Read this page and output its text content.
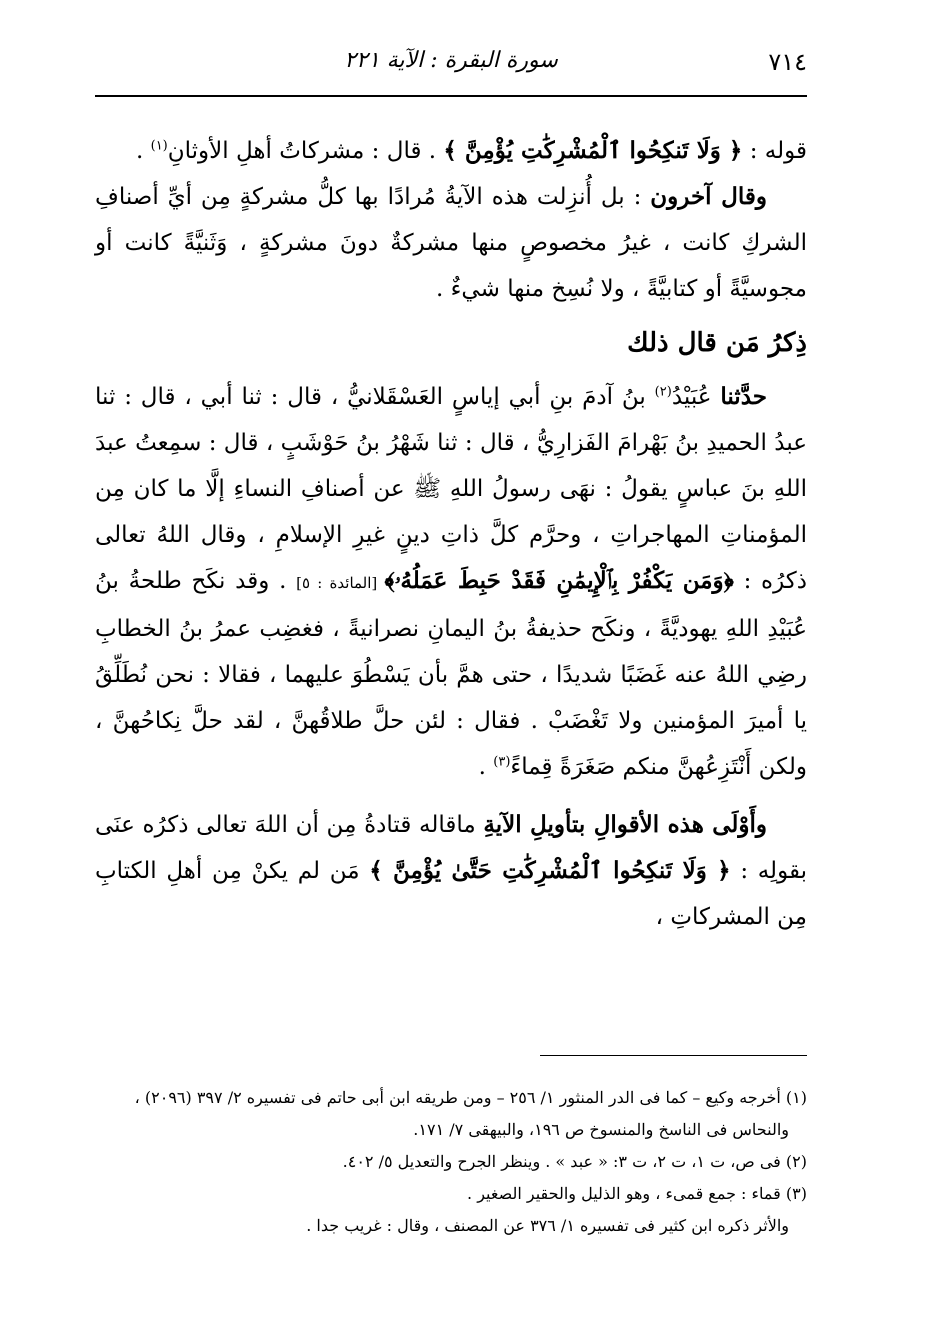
٧١٤
سورة البقرة : الآية ٢٢١

قوله : ﴿ وَلَا تَنكِحُوا ٱلْمُشْرِكَٰتِ يُؤْمِنَّ ﴾ . قال : مشركاتُ أهلِ الأوثانِ$^{(١)}$ .

وقال آخرون : بل أُنزِلت هذه الآيةُ مُرادًا بها كلُّ مشركةٍ مِن أيِّ أصنافِ الشركِ كانت ، غيرُ مخصوصٍ منها مشركةٌ دونَ مشركةٍ ، وَثَنيَّةً كانت أو مجوسيَّةً أو كتابيَّةً ، ولا نُسِخ منها شيءٌ .

ذِكرُ مَن قال ذلك

حدَّثنا عُبَيْدُ$^{(٢)}$ بنُ آدمَ بنِ أبي إياسٍ العَسْقَلانيُّ ، قال : ثنا أبي ، قال : ثنا عبدُ الحميدِ بنُ بَهْرامَ الفَزارِيُّ ، قال : ثنا شَهْرُ بنُ حَوْشَبٍ ، قال : سمِعتُ عبدَ اللهِ بنَ عباسٍ يقولُ : نهَى رسولُ اللهِ ﷺ عن أصنافِ النساءِ إلَّا ما كان مِن المؤمناتِ المهاجراتِ ، وحرَّم كلَّ ذاتِ دينٍ غيرِ الإسلامِ ، وقال اللهُ تعالى ذكرُه : ﴿وَمَن يَكْفُرْ بِٱلْإِيمَٰنِ فَقَدْ حَبِطَ عَمَلُهُۥ﴾ [المائدة : ٥] . وقد نكَح طلحةُ بنُ عُبَيْدِ اللهِ يهوديَّةً ، ونكَح حذيفةُ بنُ اليمانِ نصرانيةً ، فغضِب عمرُ بنُ الخطابِ رضِي اللهُ عنه غَضَبًا شديدًا ، حتى همَّ بأن يَسْطُوَ عليهما ، فقالا : نحن نُطَلِّقُ يا أميرَ المؤمنين ولا تَغْضَبْ . فقال : لئن حلَّ طلاقُهنَّ ، لقد حلَّ نِكاحُهنَّ ، ولكن أَنْتَزِعُهنَّ منكم صَغَرَةً قِماءً$^{(٣)}$ .

وأَوْلَى هذه الأقوالِ بتأويلِ الآيةِ ماقاله قتادةُ مِن أن اللهَ تعالى ذكرُه عنَى بقولِه : ﴿ وَلَا تَنكِحُوا ٱلْمُشْرِكَٰتِ حَتَّىٰ يُؤْمِنَّ ﴾ مَن لم يكنْ مِن أهلِ الكتابِ مِن المشركاتِ ،

(١) أخرجه وكيع – كما فى الدر المنثور ١/ ٢٥٦ – ومن طريقه ابن أبى حاتم فى تفسيره ٢/ ٣٩٧ (٢٠٩٦) ،

والنحاس فى الناسخ والمنسوخ ص ١٩٦، والبيهقى ٧/ ١٧١.

(٢) فى ص، ت ١، ت ٢، ت ٣: « عبد » . وينظر الجرح والتعديل ٥/ ٤٠٢.

(٣) قماء : جمع قمىء ، وهو الذليل والحقير الصغير .

والأثر ذكره ابن كثير فى تفسيره ١/ ٣٧٦ عن المصنف ، وقال : غريب جدا .
